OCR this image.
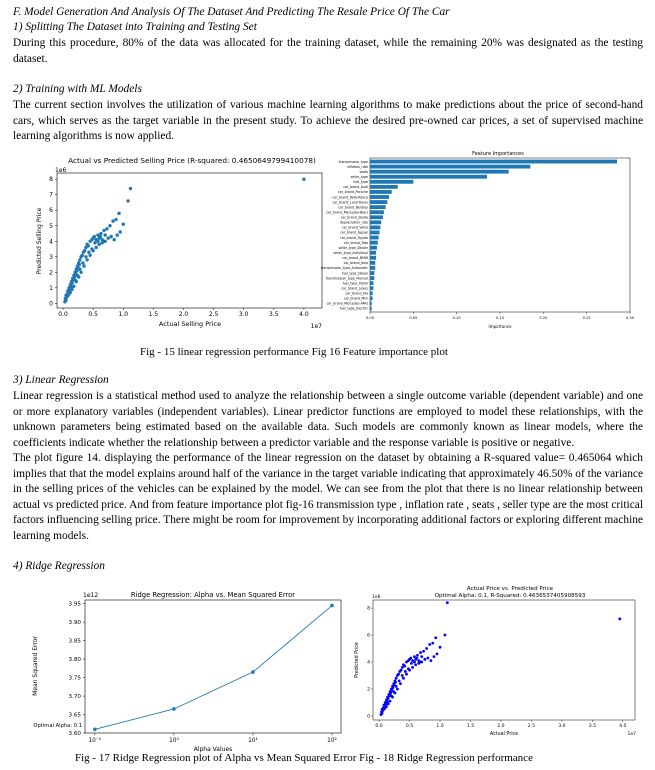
F. Model Generation And Analysis Of The Dataset And Predicting The Resale Price Of The Car

1) Splitting The Dataset into Training and Testing Set

During this procedure, 80% of the data was allocated for the training dataset, while the remaining 20% was designated as the testing dataset.

2) Training with ML Models

The current section involves the utilization of various machine learning algorithms to make predictions about the price of second-hand cars, which serves as the target variable in the present study. To achieve the desired pre-owned car prices, a set of supervised machine learning algorithms is now applied.

Actual vs Predicted Selling Price (R-squared: 0.4650649799410078)
1e6
0
1
2
3
4
5
6
7
8
0.0	0.5	1.0	1.5	2.0	2.5	3.0	3.5	4.0
1e7
Actual Selling Price
Predicted Selling Price
Feature Importances
transmission_type
inflation_rate
seats
seller_type
fuel_type
car_brand_Audi
car_brand_Porsche
car_brand_Rolls-Royce
car_brand_Land Rover
car_brand_Bentley
car_brand_Mercedes-Benz
car_brand_Skoda
depreciation_rate
car_brand_Volvo
car_brand_Jaguar
car_brand_Toyota
car_brand_Tata
seller_type_Dealer
seller_type_Individual
car_brand_BMW
car_brand_Jeep
transmission_type_Automatic
fuel_type_Diesel
transmission_type_Manual
fuel_type_Petrol
car_brand_Lexus
car_brand_Kia
car_brand_Mini
car_brand_Mercedes-AMG
fuel_type_Electric
0.00	0.05	0.10	0.15	0.20	0.25	0.30
Importance
Fig - 15 linear regression performance Fig 16 Feature importance plot

3) Linear Regression

Linear regression is a statistical method used to analyze the relationship between a single outcome variable (dependent variable) and one or more explanatory variables (independent variables). Linear predictor functions are employed to model these relationships, with the unknown parameters being estimated based on the available data. Such models are commonly known as linear models, where the coefficients indicate whether the relationship between a predictor variable and the response variable is positive or negative.

The plot figure 14. displaying the performance of the linear regression on the dataset by obtaining a R-squared value= 0.465064 which implies that that the model explains around half of the variance in the target variable indicating that approximately 46.50% of the variance in the selling prices of the vehicles can be explained by the model. We can see from the plot that there is no linear relationship between actual vs predicted price. And from feature importance plot fig-16 transmission type , inflation rate , seats , seller type are the most critical factors influencing selling price. There might be room for improvement by incorporating additional factors or exploring different machine learning models.

4) Ridge Regression

Ridge Regression: Alpha vs. Mean Squared Error
1e12
3.60
3.65
3.70
3.75
3.80
3.85
3.90
3.95
10⁻¹	10⁰	10¹	10²
Optimal Alpha: 0.1
Alpha Values
Mean Squared Error
Actual Price vs. Predicted Price
Optimal Alpha: 0.1, R-Squared: 0.4636537405908593
1e6
0
2
4
6
8
0.0	0.5	1.0	1.5	2.0	2.5	3.0	3.5	4.0
1e7
Actual Price
Predicted Price
Fig - 17 Ridge Regression plot of Alpha vs Mean Squared Error Fig - 18 Ridge Regression performance
